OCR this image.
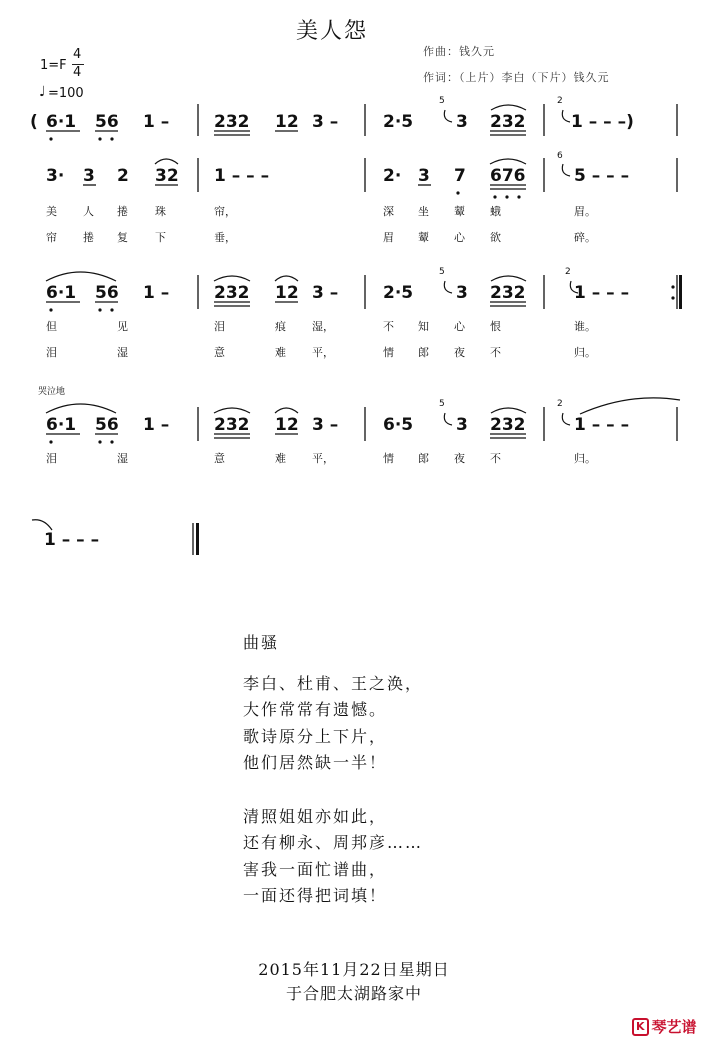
美人怨
作曲：钱久元
作词：（上片）李白（下片）钱久元
1=F
4
4
♩ =100
( 6·1 56 1 –	232 12 3 –	2·5	3 232	1 – – –)
3· 3 2 32 1 – – –	2· 3 7 676	5 – – –
6·1 56 1 –	232 12 3 –	2·5	3 232	1 – – –
6·1 56 1 –	232 12 3 –	6·5	3 232	1 – – –
1 – – –
5	2
6
5	2
5	2
美 人 捲 珠	帘，	深 坐 颦 蛾	眉。
帘 捲 复 下	垂，	眉 颦 心 欲	碎。
但	见	泪	痕 湿，	不 知 心 恨	谁。
泪	湿	意	难 平，	情 郎 夜 不	归。
泪	湿	意	难 平，	情 郎 夜 不	归。
哭泣地
曲骚
李白、杜甫、王之涣，
大作常常有遗憾。
歌诗原分上下片，
他们居然缺一半！
清照姐姐亦如此，
还有柳永、周邦彦……
害我一面忙谱曲，
一面还得把词填！
2015年11月22日星期日
于合肥太湖路家中
K 琴艺谱
